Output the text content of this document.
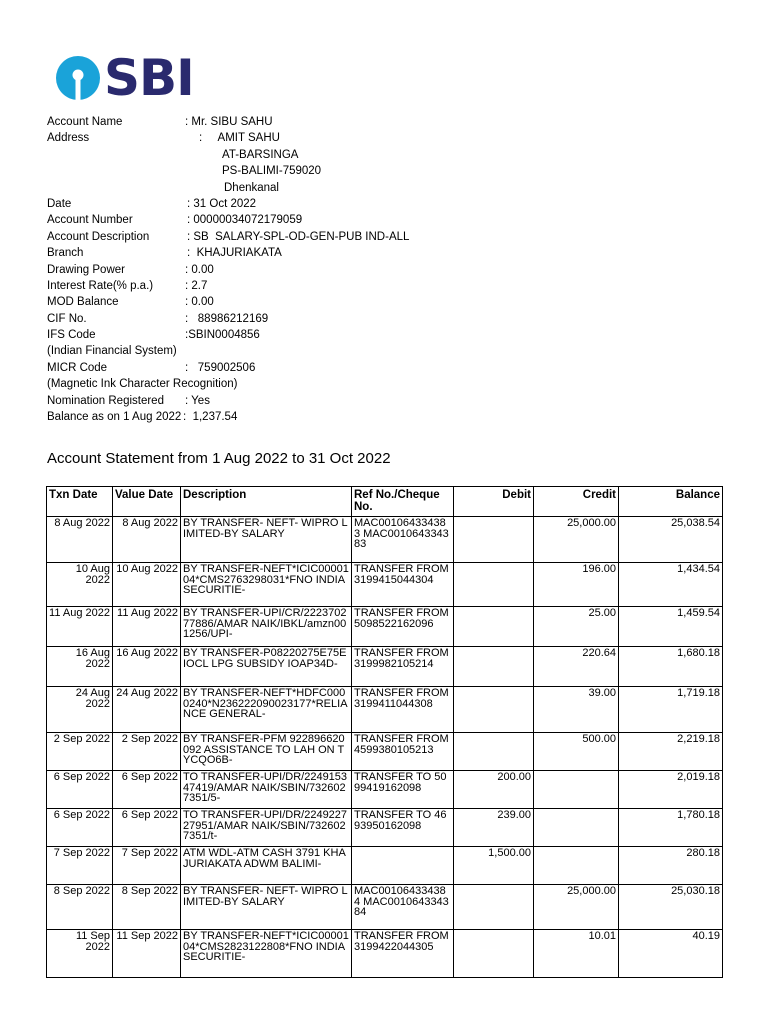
SBI
Account Name	: Mr. SIBU SAHU
Address	:     AMIT SAHU
AT-BARSINGA
PS-BALIMI-759020
Dhenkanal
Date	: 31 Oct 2022
Account Number	: 00000034072179059
Account Description	: SB  SALARY-SPL-OD-GEN-PUB IND-ALL
Branch	:  KHAJURIAKATA
Drawing Power	: 0.00
Interest Rate(% p.a.)	: 2.7
MOD Balance	: 0.00
CIF No.	:   88986212169
IFS Code	:SBIN0004856
(Indian Financial System)
MICR Code	:   759002506
(Magnetic Ink Character Recognition)
Nomination Registered : Yes
Balance as on 1 Aug 2022 :  1,237.54
Account Statement from 1 Aug 2022 to 31 Oct 2022
Txn Date	Value Date	Description	Ref No./Cheque No.	Debit	Credit	Balance

8 Aug 2022	8 Aug 2022	BY TRANSFER- NEFT- WIPRO LIMITED-BY SALARY	MAC001064334383 MAC001064334383		25,000.00	25,038.54

10 Aug 2022	10 Aug 2022	BY TRANSFER-NEFT*ICIC0000104*CMS2763298031*FNO INDIA SECURITIE-	TRANSFER FROM 3199415044304		196.00	1,434.54

11 Aug 2022	11 Aug 2022	BY TRANSFER-UPI/CR/222370277886/AMAR NAIK/IBKL/amzn001256/UPI-	TRANSFER FROM 5098522162096		25.00	1,459.54

16 Aug 2022	16 Aug 2022	BY TRANSFER-P08220275E75E IOCL LPG SUBSIDY IOAP34D-	TRANSFER FROM 3199982105214		220.64	1,680.18

24 Aug 2022	24 Aug 2022	BY TRANSFER-NEFT*HDFC0000240*N236222090023177*RELIANCE GENERAL-	TRANSFER FROM 3199411044308		39.00	1,719.18

2 Sep 2022	2 Sep 2022	BY TRANSFER-PFM 922896620092 ASSISTANCE TO LAH ON TYCQO6B-	TRANSFER FROM 4599380105213		500.00	2,219.18

6 Sep 2022	6 Sep 2022	TO TRANSFER-UPI/DR/224915347419/AMAR NAIK/SBIN/7326027351/5-	TRANSFER TO 5099419162098	200.00		2,019.18

6 Sep 2022	6 Sep 2022	TO TRANSFER-UPI/DR/224922727951/AMAR NAIK/SBIN/7326027351/t-	TRANSFER TO 4693950162098	239.00		1,780.18

7 Sep 2022	7 Sep 2022	ATM WDL-ATM CASH 3791 KHAJURIAKATA ADWM BALIMI-		1,500.00		280.18

8 Sep 2022	8 Sep 2022	BY TRANSFER- NEFT- WIPRO LIMITED-BY SALARY	MAC001064334384 MAC001064334384		25,000.00	25,030.18

11 Sep 2022	11 Sep 2022	BY TRANSFER-NEFT*ICIC0000104*CMS2823122808*FNO INDIA SECURITIE-	TRANSFER FROM 3199422044305		10.01	40.19
